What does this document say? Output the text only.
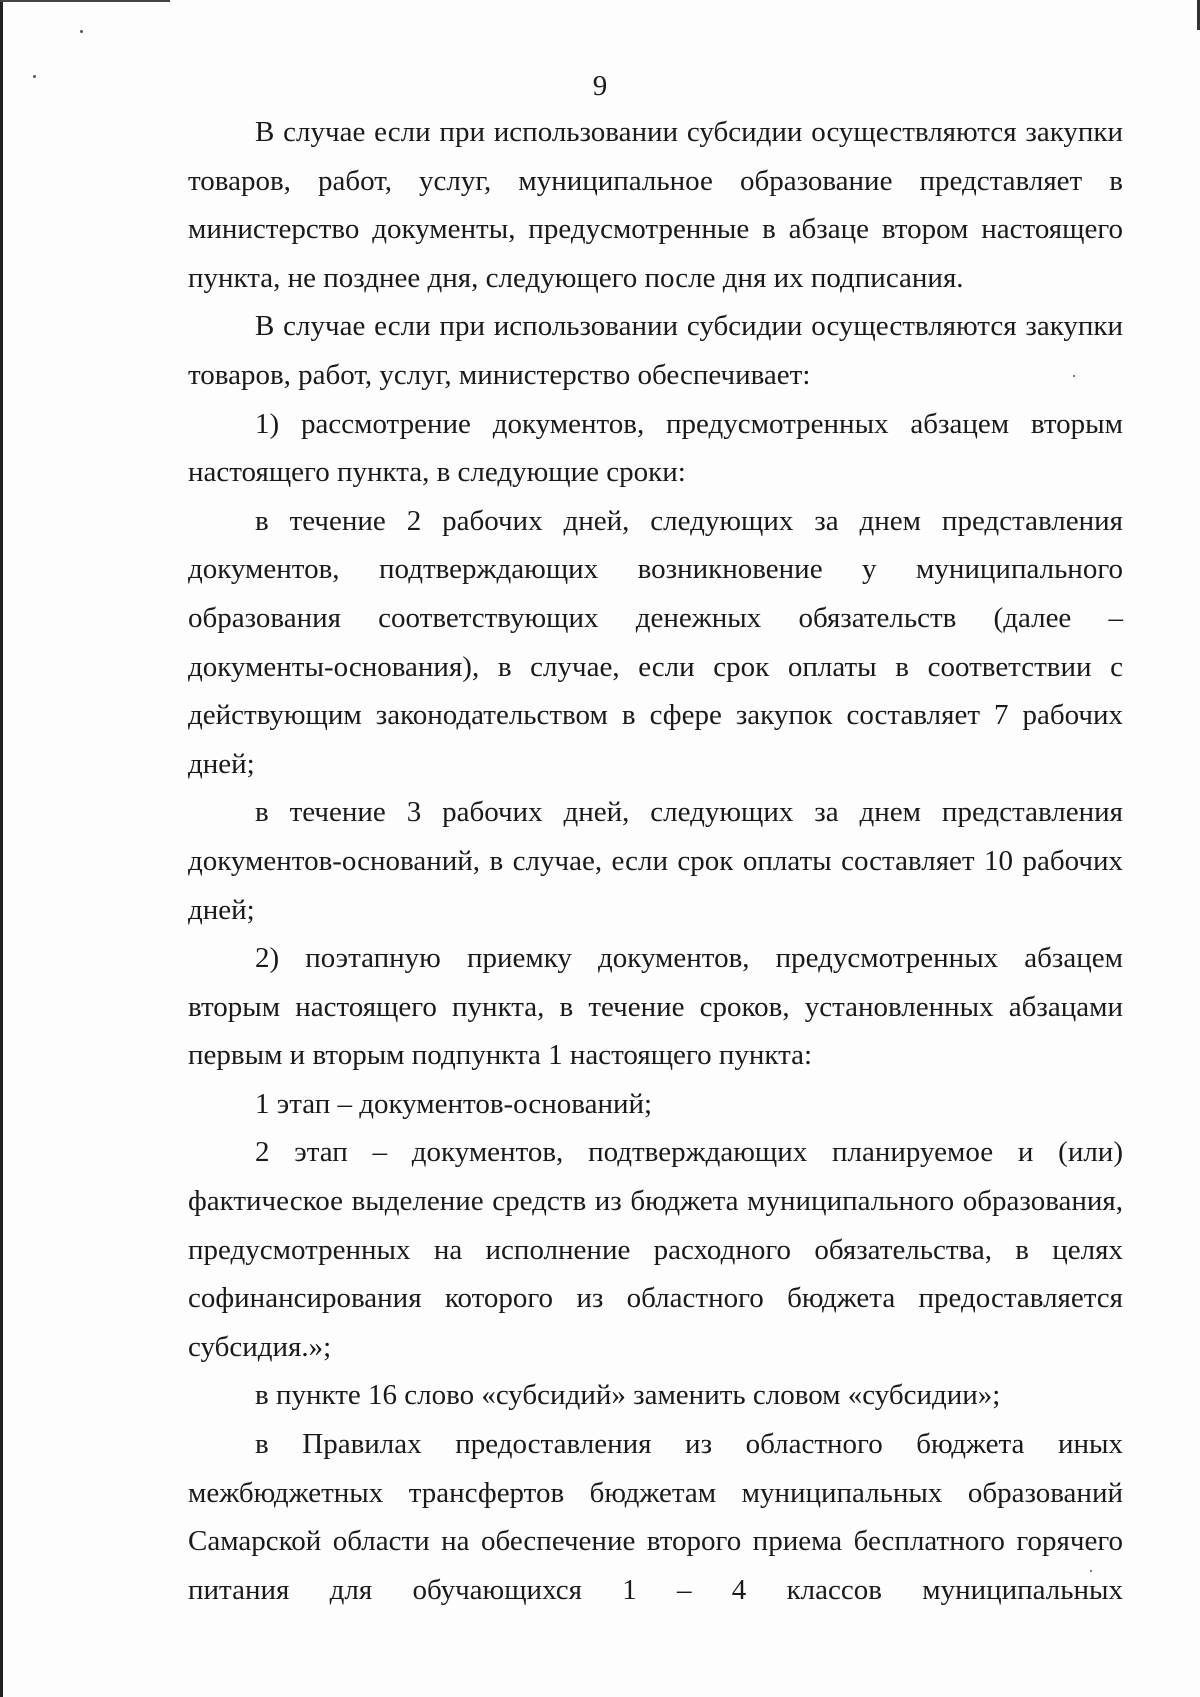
9

В случае если при использовании субсидии осуществляются закупки товаров, работ, услуг, муниципальное образование представляет в министерство документы, предусмотренные в абзаце втором настоящего пункта, не позднее дня, следующего после дня их подписания.

В случае если при использовании субсидии осуществляются закупки товаров, работ, услуг, министерство обеспечивает:

1) рассмотрение документов, предусмотренных абзацем вторым настоящего пункта, в следующие сроки:

в течение 2 рабочих дней, следующих за днем представления документов, подтверждающих возникновение у муниципального образования соответствующих денежных обязательств (далее – документы-основания), в случае, если срок оплаты в соответствии с действующим законодательством в сфере закупок составляет 7 рабочих дней;

в течение 3 рабочих дней, следующих за днем представления документов-оснований, в случае, если срок оплаты составляет 10 рабочих дней;

2) поэтапную приемку документов, предусмотренных абзацем вторым настоящего пункта, в течение сроков, установленных абзацами первым и вторым подпункта 1 настоящего пункта:

1 этап – документов-оснований;

2 этап – документов, подтверждающих планируемое и (или) фактическое выделение средств из бюджета муниципального образования, предусмотренных на исполнение расходного обязательства, в целях софинансирования которого из областного бюджета предоставляется субсидия.»;

в пункте 16 слово «субсидий» заменить словом «субсидии»;

в Правилах предоставления из областного бюджета иных межбюджетных трансфертов бюджетам муниципальных образований Самарской области на обеспечение второго приема бесплатного горячего питания для обучающихся 1 – 4 классов муниципальных
